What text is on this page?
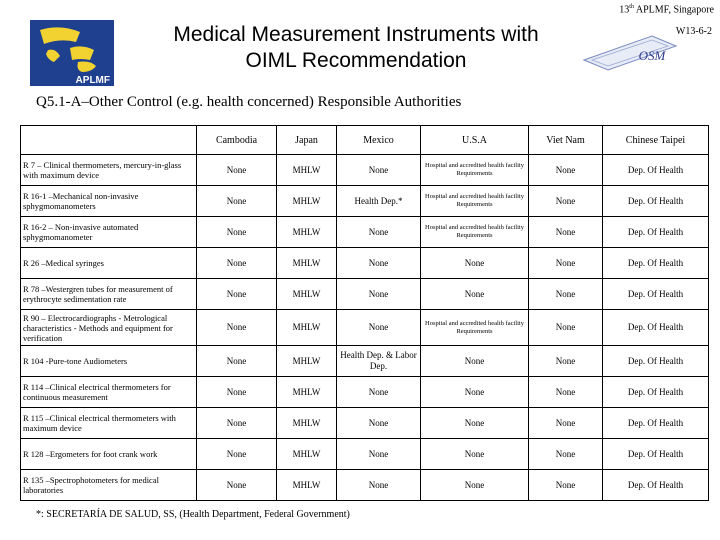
13th APLMF, Singapore
W13-6-2
APLMF
Medical Measurement Instruments with
OIML Recommendation	OSM
Q5.1-A–Other Control (e.g. health concerned) Responsible Authorities
	Cambodia	Japan	Mexico	U.S.A	Viet Nam	Chinese Taipei
R 7 – Clinical thermometers, mercury-in-glass with maximum device	None	MHLW	None	Hospital and accredited health facility Requirements	None	Dep. Of Health
R 16-1 –Mechanical non-invasive sphygmomanometers	None	MHLW	Health Dep.*	Hospital and accredited health facility Requirements	None	Dep. Of Health
R 16-2 – Non-invasive automated sphygmomanometer	None	MHLW	None	Hospital and accredited health facility Requirements	None	Dep. Of Health
R 26 –Medical syringes	None	MHLW	None	None	None	Dep. Of Health
R 78 –Westergren tubes for measurement of erythrocyte sedimentation rate	None	MHLW	None	None	None	Dep. Of Health
R 90 – Electrocardiographs - Metrological characteristics - Methods and equipment for verification	None	MHLW	None	Hospital and accredited health facility Requirements	None	Dep. Of Health
R 104 -Pure-tone Audiometers	None	MHLW	Health Dep. & Labor Dep.	None	None	Dep. Of Health
R 114 –Clinical electrical thermometers for continuous measurement	None	MHLW	None	None	None	Dep. Of Health
R 115 –Clinical electrical thermometers with maximum device	None	MHLW	None	None	None	Dep. Of Health
R 128 –Ergometers for foot crank work	None	MHLW	None	None	None	Dep. Of Health
R 135 –Spectrophotometers for medical laboratories	None	MHLW	None	None	None	Dep. Of Health
*: SECRETARÍA DE SALUD, SS, (Health Department, Federal Government)
